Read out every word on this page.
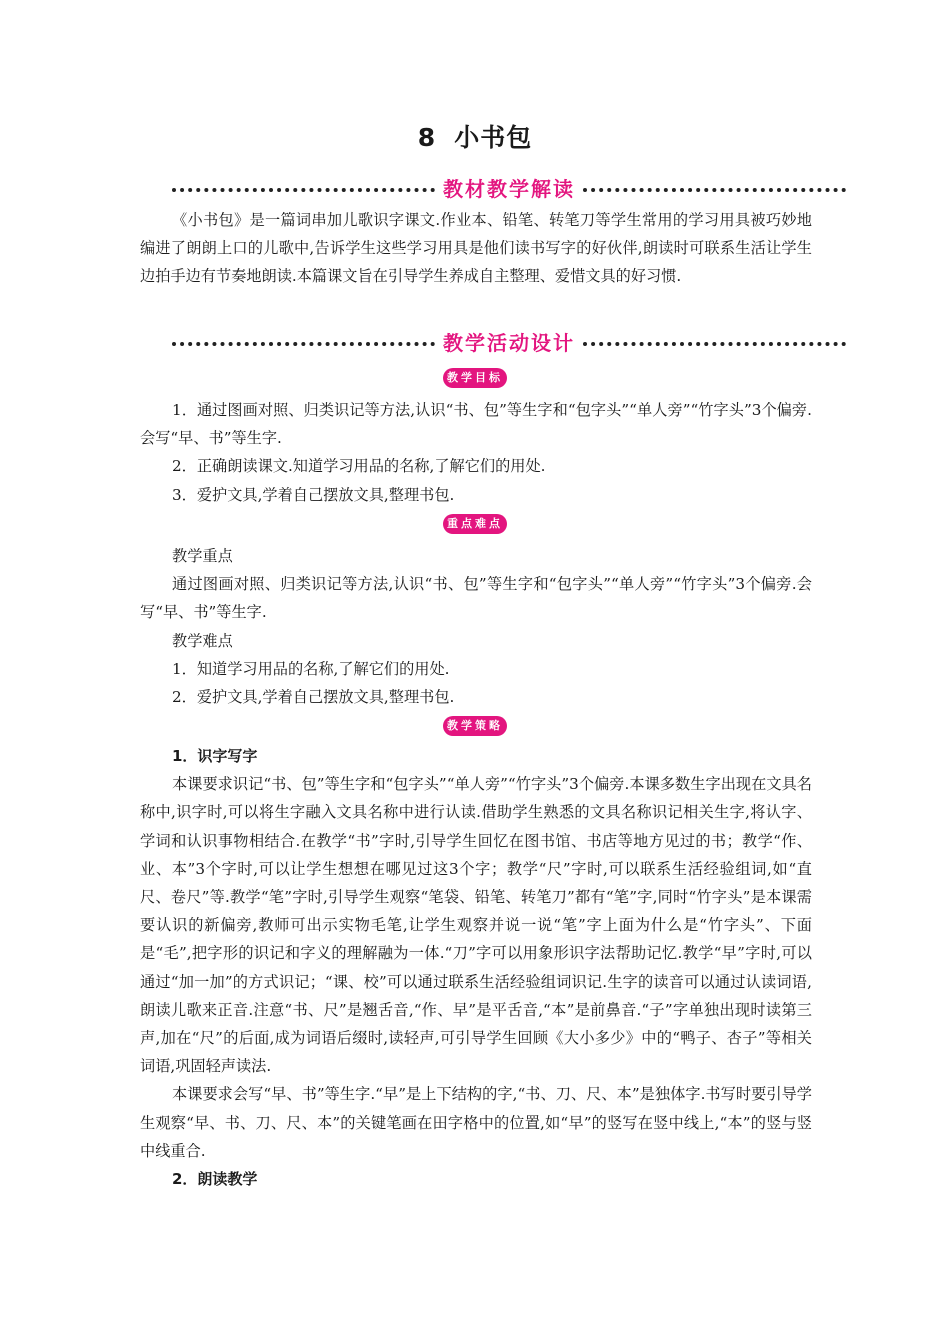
8 小书包
教材教学解读

《小书包》是一篇词串加儿歌识字课文.作业本、铅笔、转笔刀等学生常用的学习用具被巧妙地编进了朗朗上口的儿歌中,告诉学生这些学习用具是他们读书写字的好伙伴,朗读时可联系生活让学生边拍手边有节奏地朗读.本篇课文旨在引导学生养成自主整理、爱惜文具的好习惯.

教学活动设计
教学目标

1．通过图画对照、归类识记等方法,认识“书、包”等生字和“包字头”“单人旁”“竹字头”3个偏旁.会写“早、书”等生字.

2．正确朗读课文.知道学习用品的名称,了解它们的用处.

3．爱护文具,学着自己摆放文具,整理书包.

重点难点

教学重点

通过图画对照、归类识记等方法,认识“书、包”等生字和“包字头”“单人旁”“竹字头”3个偏旁.会写“早、书”等生字.

教学难点

1．知道学习用品的名称,了解它们的用处.

2．爱护文具,学着自己摆放文具,整理书包.

教学策略

1．识字写字

本课要求识记“书、包”等生字和“包字头”“单人旁”“竹字头”3个偏旁.本课多数生字出现在文具名称中,识字时,可以将生字融入文具名称中进行认读.借助学生熟悉的文具名称识记相关生字,将认字、学词和认识事物相结合.在教学“书”字时,引导学生回忆在图书馆、书店等地方见过的书；教学“作、业、本”3个字时,可以让学生想想在哪见过这3个字；教学“尺”字时,可以联系生活经验组词,如“直尺、卷尺”等.教学“笔”字时,引导学生观察“笔袋、铅笔、转笔刀”都有“笔”字,同时“竹字头”是本课需要认识的新偏旁,教师可出示实物毛笔,让学生观察并说一说“笔”字上面为什么是“竹字头”、下面是“毛”,把字形的识记和字义的理解融为一体.“刀”字可以用象形识字法帮助记忆.教学“早”字时,可以通过“加一加”的方式识记；“课、校”可以通过联系生活经验组词识记.生字的读音可以通过认读词语,朗读儿歌来正音.注意“书、尺”是翘舌音,“作、早”是平舌音,“本”是前鼻音.“子”字单独出现时读第三声,加在“尺”的后面,成为词语后缀时,读轻声,可引导学生回顾《大小多少》中的“鸭子、杏子”等相关词语,巩固轻声读法.

本课要求会写“早、书”等生字.“早”是上下结构的字,“书、刀、尺、本”是独体字.书写时要引导学生观察“早、书、刀、尺、本”的关键笔画在田字格中的位置,如“早”的竖写在竖中线上,“本”的竖与竖中线重合.

2．朗读教学
